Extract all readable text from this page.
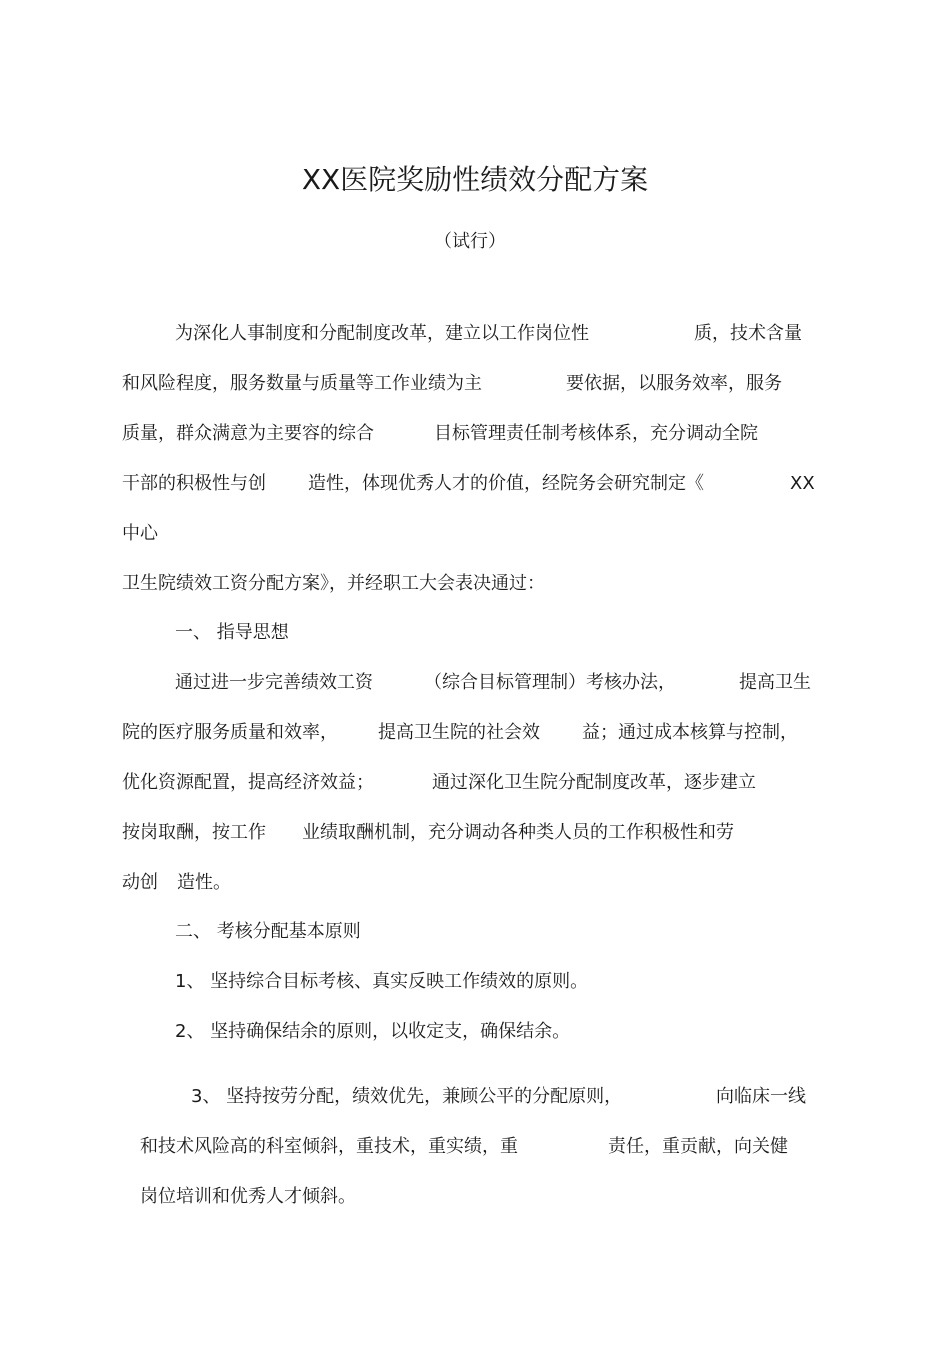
XX医院奖励性绩效分配方案
（试行）
为深化人事制度和分配制度改革，建立以工作岗位性	质，技术含量
和风险程度，服务数量与质量等工作业绩为主	要依据，以服务效率，服务
质量，群众满意为主要容的综合	目标管理责任制考核体系，充分调动全院
干部的积极性与创 造性，体现优秀人才的价值，经院务会研究制定《	XX
中心
卫生院绩效工资分配方案》，并经职工大会表决通过：
一、 指导思想
通过进一步完善绩效工资	（综合目标管理制）考核办法，	提高卫生
院的医疗服务质量和效率， 提高卫生院的社会效 益；通过成本核算与控制，
优化资源配置，提高经济效益；	通过深化卫生院分配制度改革，逐步建立
按岗取酬，按工作 业绩取酬机制，充分调动各种类人员的工作积极性和劳
动创 造性。
二、 考核分配基本原则
1、 坚持综合目标考核、真实反映工作绩效的原则。
2、 坚持确保结余的原则，以收定支，确保结余。
3、 坚持按劳分配，绩效优先，兼顾公平的分配原则，	向临床一线
和技术风险高的科室倾斜，重技术，重实绩，重	责任，重贡献，向关健
岗位培训和优秀人才倾斜。
